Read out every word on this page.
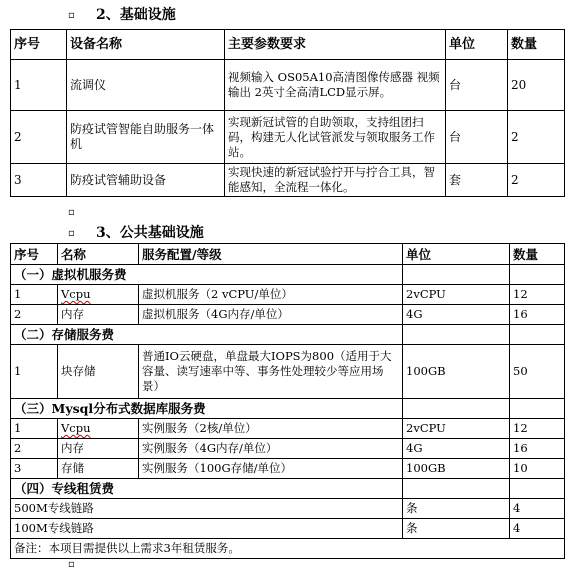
▫ 2、基础设施
序号	设备名称	主要参数要求	单位	数量
1	流调仪	视频输入 OS05A10高清图像传感器 视频输出 2英寸全高清LCD显示屏。	台	20
2	防疫试管智能自助服务一体机	实现新冠试管的自助领取，支持组团扫码，构建无人化试管派发与领取服务工作站。	台	2
3	防疫试管辅助设备	实现快速的新冠试验拧开与拧合工具，智能感知，全流程一体化。	套	2
▫
▫ 3、公共基础设施
序号	名称	服务配置/等级	单位	数量
（一）虚拟机服务费				
1	Vcpu	虚拟机服务（2 vCPU/单位）	2vCPU	12
2	内存	虚拟机服务（4G内存/单位）	4G	16
（二）存储服务费				
1	块存储	普通IO云硬盘，单盘最大IOPS为800（适用于大容量、读写速率中等、事务性处理较少等应用场景）	100GB	50
（三）Mysql分布式数据库服务费				
1	Vcpu	实例服务（2核/单位）	2vCPU	12
2	内存	实例服务（4G内存/单位）	4G	16
3	存储	实例服务（100G存储/单位）	100GB	10
（四）专线租赁费				
500M专线链路			条	4
100M专线链路			条	4
备注：本项目需提供以上需求3年租赁服务。				
▫
